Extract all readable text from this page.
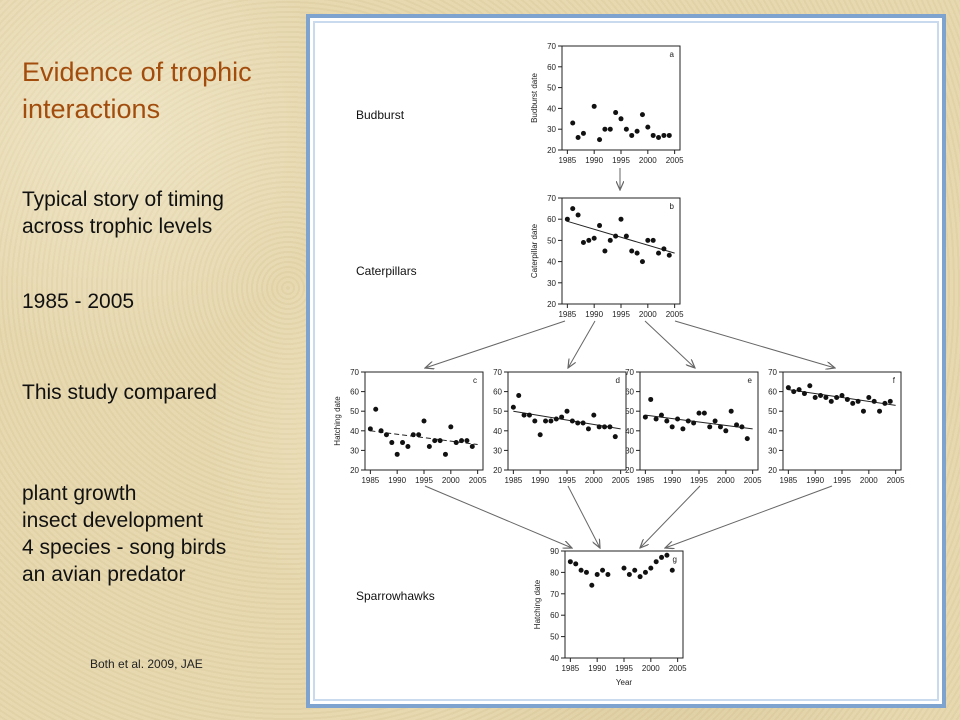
Evidence of trophic interactions
Typical story of timing
across trophic levels
1985 - 2005
This study compared
plant growth
insect development
4 species - song birds
an avian predator
Both et al. 2009, JAE
20
30
40
50
60
70
1985 1990 1995 2000 2005
a
Budburst date
20
30
40
50
60
70
1985 1990 1995 2000 2005
b
Caterpillar date
20
30
40
50
60
70
1985 1990 1995 2000 2005
c
Hatching date
20
30
40
50
60
70
1985 1990 1995 2000 2005
d
20
30
40
50
60
70
1985 1990 1995 2000 2005
e
20
30
40
50
60
70
1985 1990 1995 2000 2005
f
40
50
60
70
80
90
1985 1990 1995 2000 2005
g
Hatching date
Year
Budburst
Caterpillars
Sparrowhawks
